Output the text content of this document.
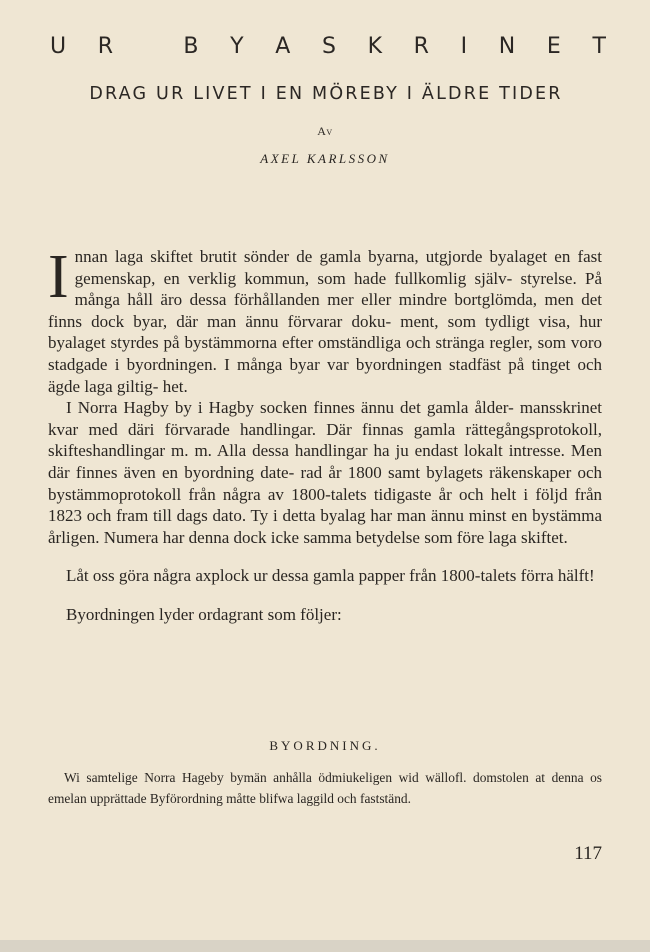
U R
	B Y A S K R I N E T
DRAG UR LIVET I EN MÖREBY I ÄLDRE TIDER
Av
AXEL KARLSSON

Innan laga skiftet brutit sönder de gamla byarna, utgjorde byalaget en fast gemenskap, en verklig kommun, som hade fullkomlig själv- styrelse. På många håll äro dessa förhållanden mer eller mindre bortglömda, men det finns dock byar, där man ännu förvarar doku- ment, som tydligt visa, hur byalaget styrdes på bystämmorna efter omständliga och stränga regler, som voro stadgade i byordningen. I många byar var byordningen stadfäst på tinget och ägde laga giltig- het.

I Norra Hagby by i Hagby socken finnes ännu det gamla ålder- mansskrinet kvar med däri förvarade handlingar. Där finnas gamla rättegångsprotokoll, skifteshandlingar m. m. Alla dessa handlingar ha ju endast lokalt intresse. Men där finnes även en byordning date- rad år 1800 samt bylagets räkenskaper och bystämmoprotokoll från några av 1800-talets tidigaste år och helt i följd från 1823 och fram till dags dato. Ty i detta byalag har man ännu minst en bystämma årligen. Numera har denna dock icke samma betydelse som före laga skiftet.

Låt oss göra några axplock ur dessa gamla papper från 1800-talets förra hälft!

Byordningen lyder ordagrant som följer:

BYORDNING.
Wi samtelige Norra Hageby bymän anhålla ödmiukeligen wid wällofl. domstolen at denna os emelan upprättade Byförordning måtte blifwa laggild och fastständ.
117
